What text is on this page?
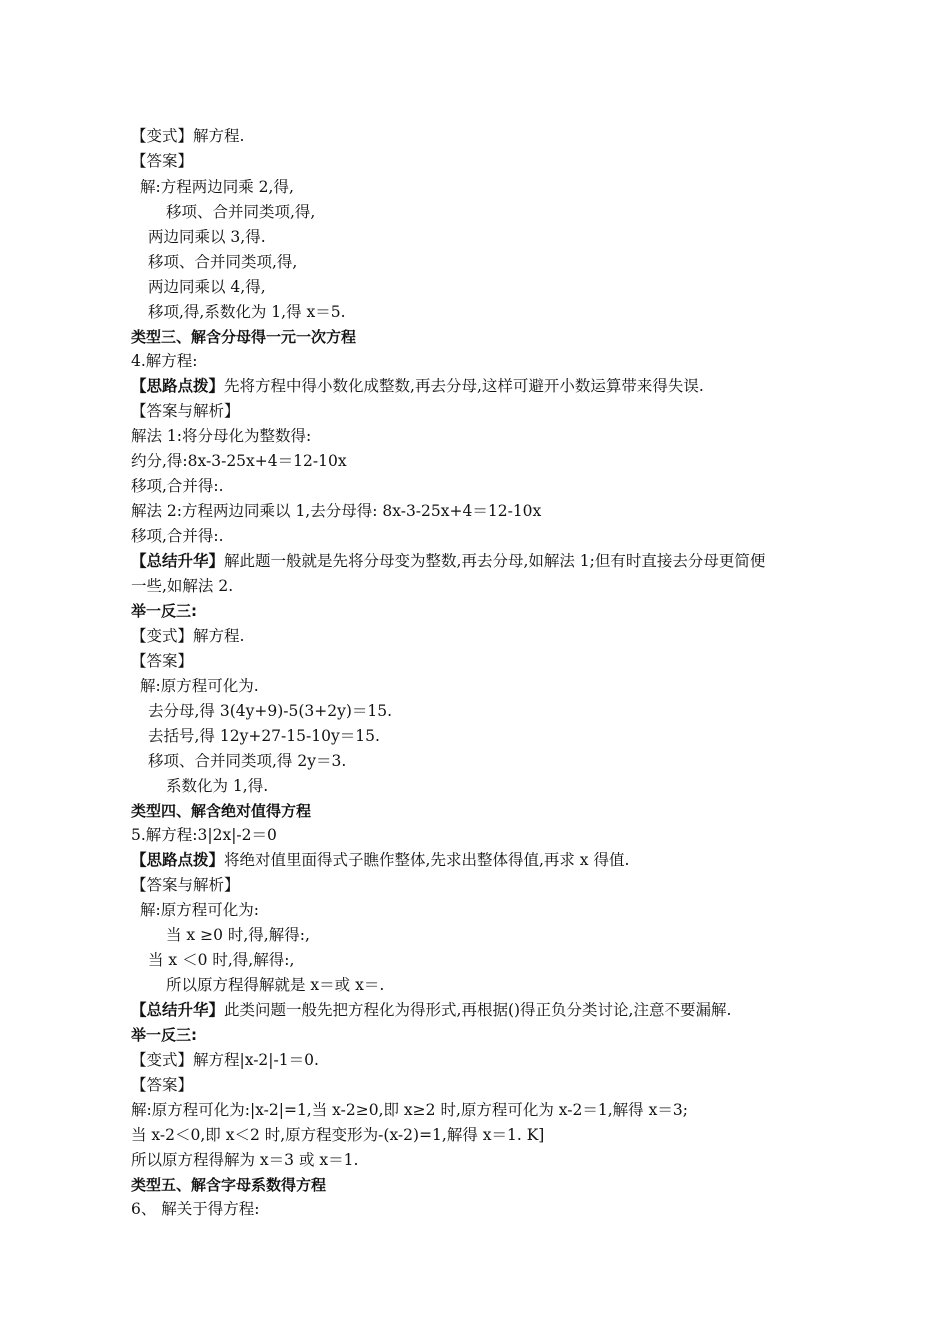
【变式】解方程.
【答案】
解:方程两边同乘 2,得,
移项、合并同类项,得,
两边同乘以 3,得.
移项、合并同类项,得,
两边同乘以 4,得,
移项,得,系数化为 1,得 x＝5.
类型三、解含分母得一元一次方程
4.解方程:
【思路点拨】先将方程中得小数化成整数,再去分母,这样可避开小数运算带来得失误.
【答案与解析】
解法 1:将分母化为整数得:
约分,得:8x-3-25x+4＝12-10x
移项,合并得:.
解法 2:方程两边同乘以 1,去分母得: 8x-3-25x+4＝12-10x
移项,合并得:.
【总结升华】解此题一般就是先将分母变为整数,再去分母,如解法 1;但有时直接去分母更简便
一些,如解法 2.
举一反三:
【变式】解方程.
【答案】
解:原方程可化为.
去分母,得 3(4y+9)-5(3+2y)＝15.
去括号,得 12y+27-15-10y＝15.
移项、合并同类项,得 2y＝3.
系数化为 1,得.
类型四、解含绝对值得方程
5.解方程:3|2x|-2＝0
【思路点拨】将绝对值里面得式子瞧作整体,先求出整体得值,再求 x 得值.
【答案与解析】
解:原方程可化为:
当 x ≥0 时,得,解得:,
当 x ＜0 时,得,解得:,
所以原方程得解就是 x＝或 x＝.
【总结升华】此类问题一般先把方程化为得形式,再根据()得正负分类讨论,注意不要漏解.
举一反三:
【变式】解方程|x-2|-1＝0.
【答案】
解:原方程可化为:|x-2|=1,当 x-2≥0,即 x≥2 时,原方程可化为 x-2＝1,解得 x＝3;
当 x-2＜0,即 x＜2 时,原方程变形为-(x-2)=1,解得 x＝1. K]
所以原方程得解为 x＝3 或 x＝1.
类型五、解含字母系数得方程
6、 解关于得方程:
